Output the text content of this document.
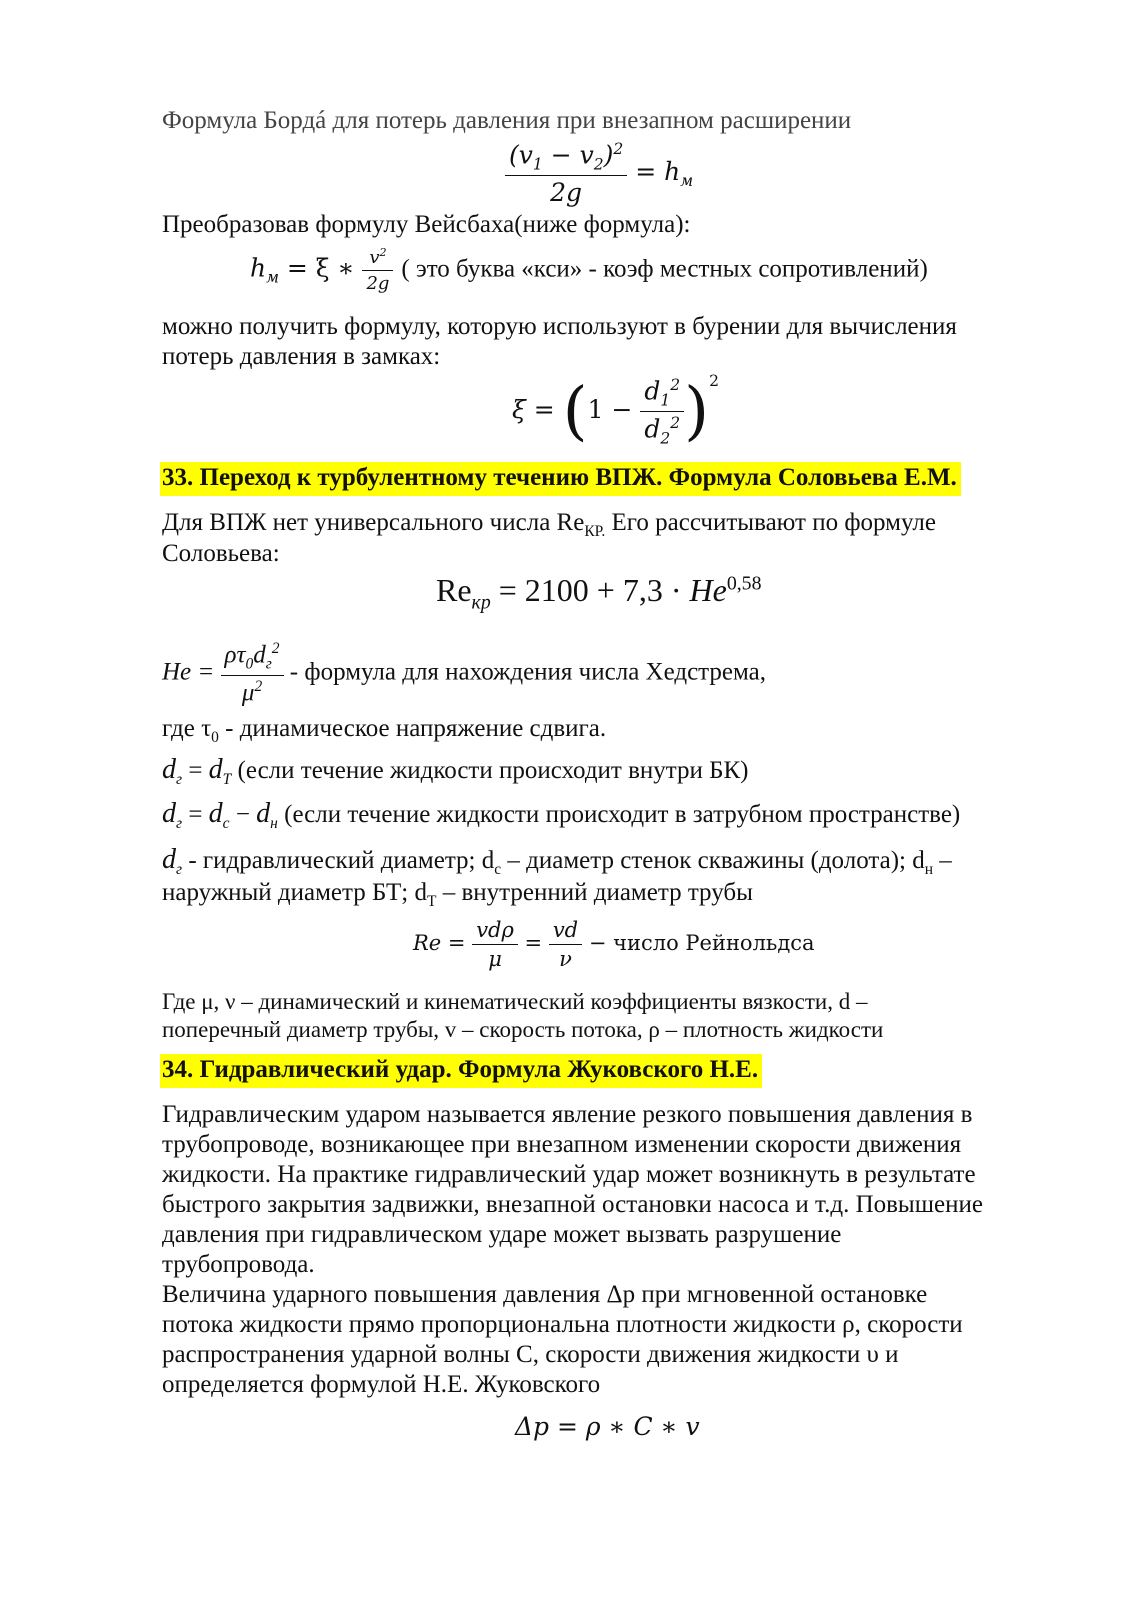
Формула Бордá для потерь давления при внезапном расширении
$\frac{(v_1 - v_2)^2}{2g} = h_м$
Преобразовав формулу Вейсбаха(ниже формула):
$h_м = \xi$ ∗ $\frac{v^2}{2g}$ ( это буква «кси» - коэф местных сопротивлений)
можно получить формулу, которую используют в бурении для вычисления
потерь давления в замках:
$\xi = (1 - \frac{d_1^2}{d_2^2} )^2$
33. Переход к турбулентному течению ВПЖ. Формула Соловьева Е.М.
Для ВПЖ нет универсального числа $Re_{КР.}$ Его рассчитывают по формуле
Соловьева:
$Re_{кр} = 2100 + 7,3 \cdot He^{0,58}$
$He = \frac{\rho\tau_0d_г^2}{\mu^2}$ - формула для нахождения числа Хедстрема,
где $\tau_0$ - динамическое напряжение сдвига.
$d_г = d_T$ (если течение жидкости происходит внутри БК)
$d_г = d_с - d_н$ (если течение жидкости происходит в затрубном пространстве)
$d_г$ - гидравлический диаметр; $d_с$ – диаметр стенок скважины (долота); $d_н$ –
наружный диаметр БТ; $d_Т$ – внутренний диаметр трубы
$Re = \frac{\text{vdρ}}{\mu} = \frac{vd}{\nu}$ − число Рейнольдса
Где μ, ν – динамический и кинематический коэффициенты вязкости, d –
поперечный диаметр трубы, v – скорость потока, ρ – плотность жидкости
34. Гидравлический удар. Формула Жуковского Н.Е.
Гидравлическим ударом называется явление резкого повышения давления в
трубопроводе, возникающее при внезапном изменении скорости движения
жидкости. На практике гидравлический удар может возникнуть в результате
быстрого закрытия задвижки, внезапной остановки насоса и т.д. Повышение
давления при гидравлическом ударе может вызвать разрушение
трубопровода.
Величина ударного повышения давления Δp при мгновенной остановке
потока жидкости прямо пропорциональна плотности жидкости ρ, скорости
распространения ударной волны С, скорости движения жидкости υ и
определяется формулой Н.Е. Жуковского
Δp = ρ ∗ C ∗ v
